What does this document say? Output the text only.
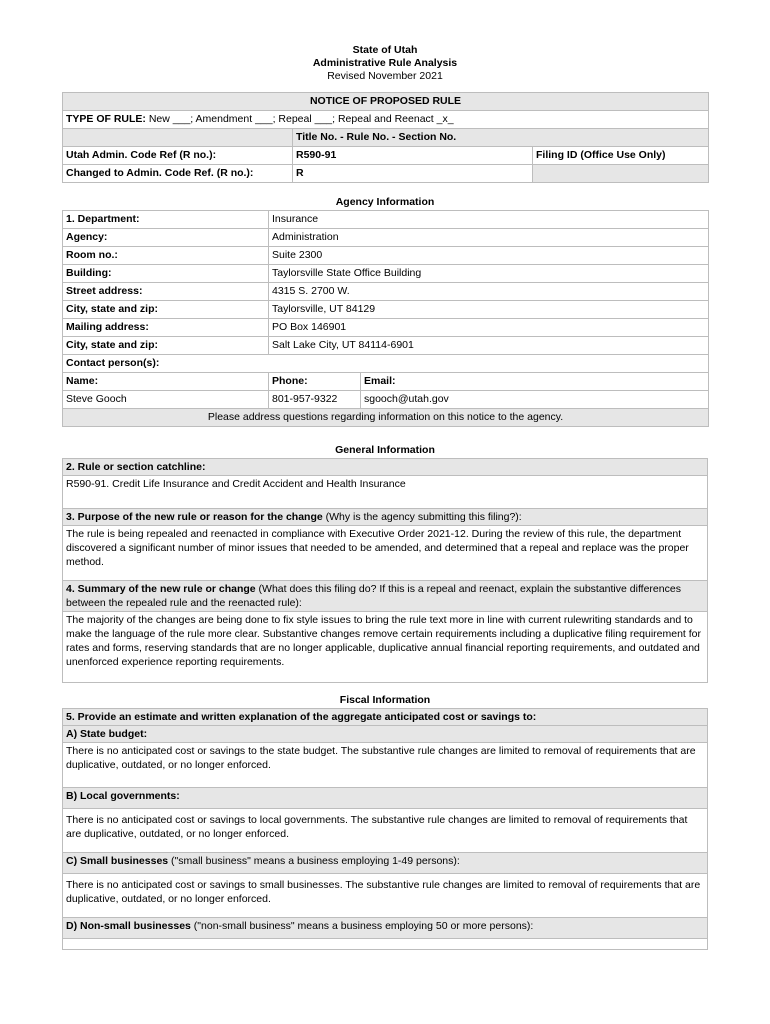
State of Utah
Administrative Rule Analysis
Revised November 2021
NOTICE OF PROPOSED RULE		
TYPE OF RULE: New ___; Amendment ___; Repeal ___; Repeal and Reenact _x_		
	Title No. - Rule No. - Section No.	
Utah Admin. Code Ref (R no.):	R590-91	Filing ID (Office Use Only)
Changed to Admin. Code Ref. (R no.):	R	
Agency Information
1. Department:	Insurance	
Agency:	Administration	
Room no.:	Suite 2300	
Building:	Taylorsville State Office Building	
Street address:	4315 S. 2700 W.	
City, state and zip:	Taylorsville, UT 84129	
Mailing address:	PO Box 146901	
City, state and zip:	Salt Lake City, UT 84114-6901	
Contact person(s):		
Name:	Phone:	Email:
Steve Gooch	801-957-9322	sgooch@utah.gov
Please address questions regarding information on this notice to the agency.		
General Information
2. Rule or section catchline:
R590-91. Credit Life Insurance and Credit Accident and Health Insurance
3. Purpose of the new rule or reason for the change (Why is the agency submitting this filing?):
The rule is being repealed and reenacted in compliance with Executive Order 2021-12. During the review of this rule, the department discovered a significant number of minor issues that needed to be amended, and determined that a repeal and replace was the proper method.
4. Summary of the new rule or change (What does this filing do? If this is a repeal and reenact, explain the substantive differences between the repealed rule and the reenacted rule):
The majority of the changes are being done to fix style issues to bring the rule text more in line with current rulewriting standards and to make the language of the rule more clear. Substantive changes remove certain requirements including a duplicative filing requirement for rates and forms, reserving standards that are no longer applicable, duplicative annual financial reporting requirements, and outdated and unenforced experience reporting requirements.
Fiscal Information
5. Provide an estimate and written explanation of the aggregate anticipated cost or savings to:
A) State budget:
There is no anticipated cost or savings to the state budget. The substantive rule changes are limited to removal of requirements that are duplicative, outdated, or no longer enforced.
B) Local governments:
There is no anticipated cost or savings to local governments. The substantive rule changes are limited to removal of requirements that are duplicative, outdated, or no longer enforced.
C) Small businesses ("small business" means a business employing 1-49 persons):
There is no anticipated cost or savings to small businesses. The substantive rule changes are limited to removal of requirements that are duplicative, outdated, or no longer enforced.
D) Non-small businesses ("non-small business" means a business employing 50 or more persons):
